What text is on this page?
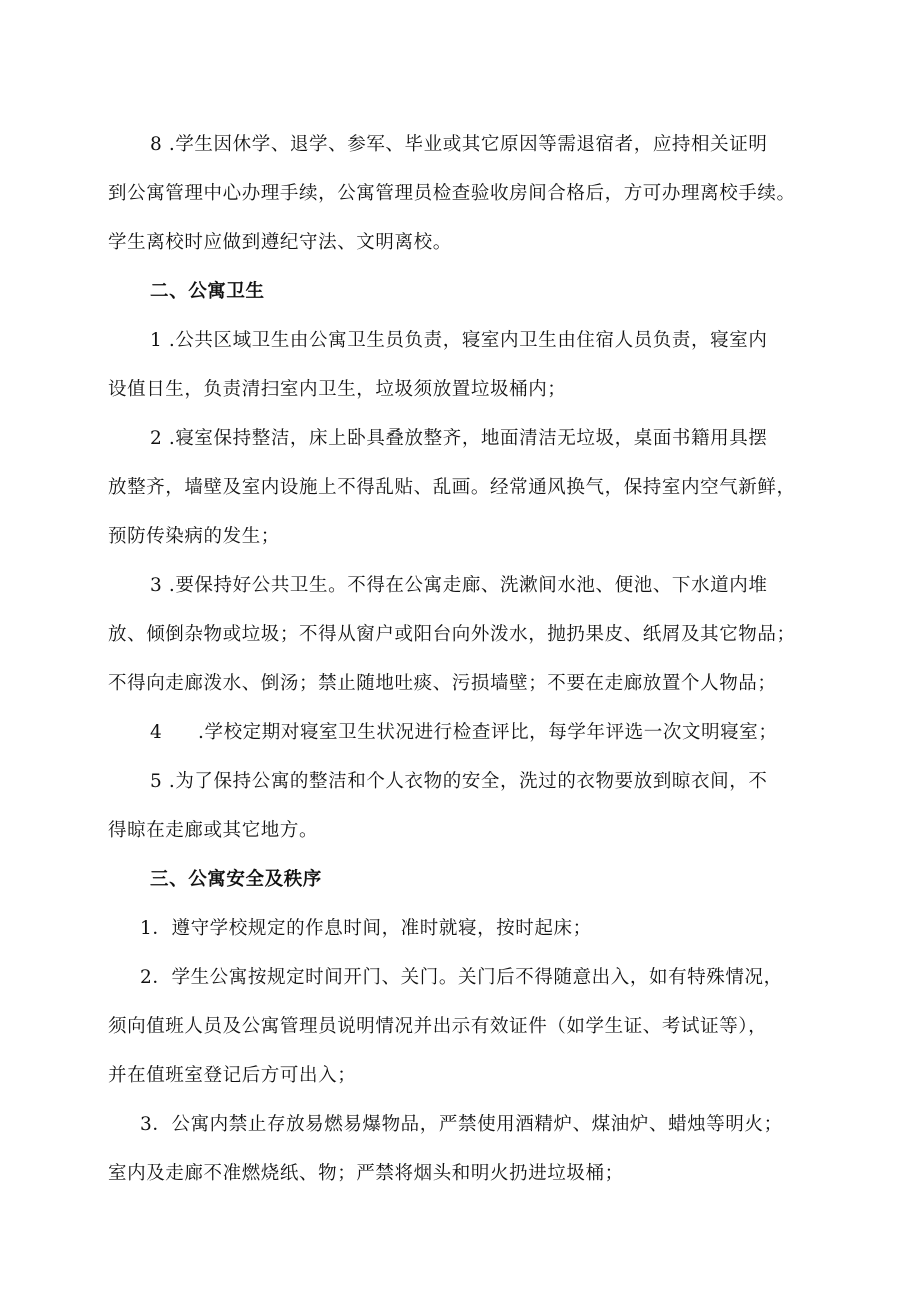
8 .学生因休学、退学、参军、毕业或其它原因等需退宿者，应持相关证明
到公寓管理中心办理手续，公寓管理员检查验收房间合格后，方可办理离校手续。
学生离校时应做到遵纪守法、文明离校。
二、公寓卫生
1 .公共区域卫生由公寓卫生员负责，寝室内卫生由住宿人员负责，寝室内
设值日生，负责清扫室内卫生，垃圾须放置垃圾桶内；
2 .寝室保持整洁，床上卧具叠放整齐，地面清洁无垃圾，桌面书籍用具摆
放整齐，墙壁及室内设施上不得乱贴、乱画。经常通风换气，保持室内空气新鲜，
预防传染病的发生；
3 .要保持好公共卫生。不得在公寓走廊、洗漱间水池、便池、下水道内堆
放、倾倒杂物或垃圾；不得从窗户或阳台向外泼水，抛扔果皮、纸屑及其它物品；
不得向走廊泼水、倒汤；禁止随地吐痰、污损墙壁；不要在走廊放置个人物品；
4 .学校定期对寝室卫生状况进行检查评比，每学年评选一次文明寝室；
5 .为了保持公寓的整洁和个人衣物的安全，洗过的衣物要放到晾衣间，不
得晾在走廊或其它地方。
三、公寓安全及秩序
1．遵守学校规定的作息时间，准时就寝，按时起床；
2．学生公寓按规定时间开门、关门。关门后不得随意出入，如有特殊情况，
须向值班人员及公寓管理员说明情况并出示有效证件（如学生证、考试证等），
并在值班室登记后方可出入；
3．公寓内禁止存放易燃易爆物品，严禁使用酒精炉、煤油炉、蜡烛等明火；
室内及走廊不准燃烧纸、物；严禁将烟头和明火扔进垃圾桶；
